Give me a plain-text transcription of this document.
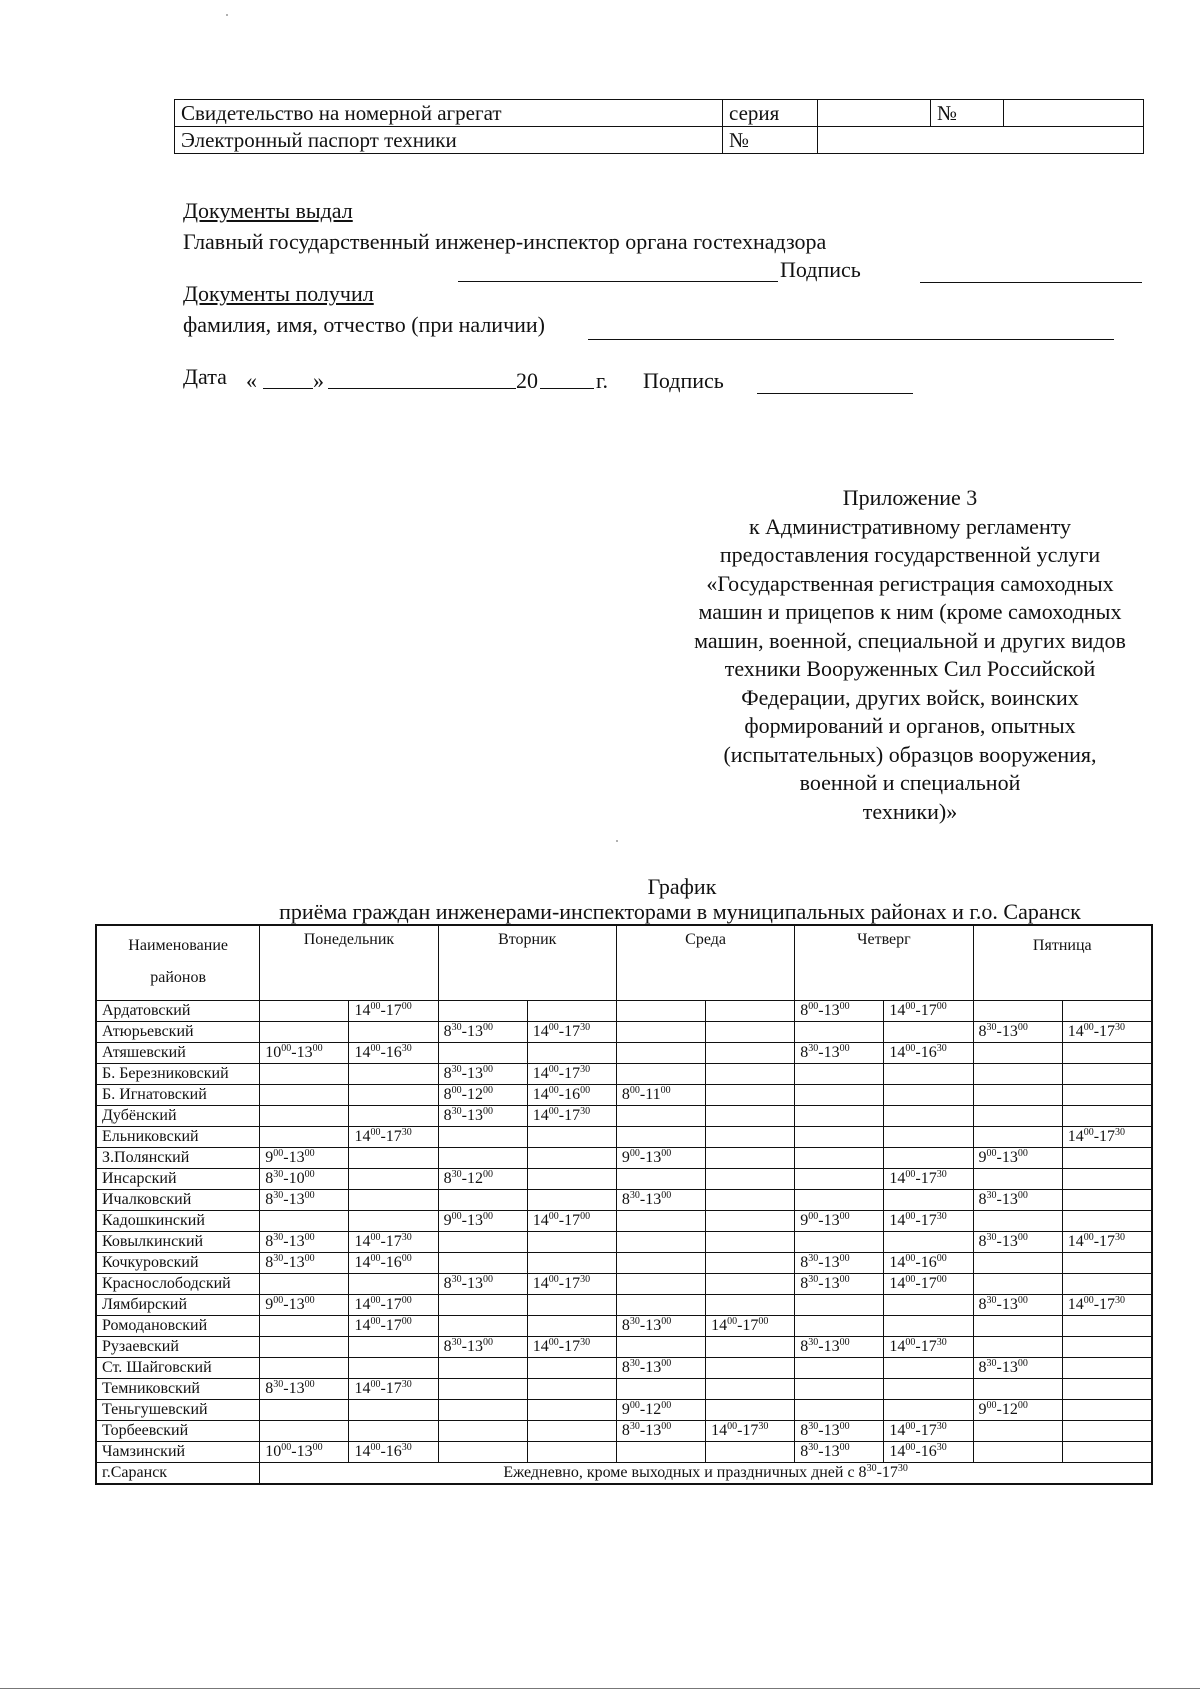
Свидетельство на номерной агрегат	серия		№	
Электронный паспорт техники	№			
Документы выдал
Главный государственный инженер-инспектор органа гостехнадзора
Подпись
Документы получил
фамилия, имя, отчество (при наличии)
Дата «	»	20	г. Подпись
Приложение 3
к Административному регламенту
предоставления государственной услуги
«Государственная регистрация самоходных
машин и прицепов к ним (кроме самоходных
машин, военной, специальной и других видов
техники Вооруженных Сил Российской
Федерации, других войск, воинских
формирований и органов, опытных
(испытательных) образцов вооружения,
военной и специальной
техники)»
График
приёма граждан инженерами-инспекторами в муниципальных районах и г.о. Саранск
Наименование
районов	Понедельник		Вторник		Среда		Четверг		Пятница	
Ардатовский		$14^{00}-17^{00}$					$8^{00}-13^{00}$	$14^{00}-17^{00}$		
Атюрьевский			$8^{30}-13^{00}$	$14^{00}-17^{30}$					$8^{30}-13^{00}$	$14^{00}-17^{30}$
Атяшевский	$10^{00}-13^{00}$	$14^{00}-16^{30}$					$8^{30}-13^{00}$	$14^{00}-16^{30}$		
Б. Березниковский			$8^{30}-13^{00}$	$14^{00}-17^{30}$						
Б. Игнатовский			$8^{00}-12^{00}$	$14^{00}-16^{00}$	$8^{00}-11^{00}$					
Дубёнский			$8^{30}-13^{00}$	$14^{00}-17^{30}$						
Ельниковский		$14^{00}-17^{30}$								$14^{00}-17^{30}$
З.Полянский	$9^{00}-13^{00}$				$9^{00}-13^{00}$				$9^{00}-13^{00}$	
Инсарский	$8^{30}-10^{00}$		$8^{30}-12^{00}$					$14^{00}-17^{30}$		
Ичалковский	$8^{30}-13^{00}$				$8^{30}-13^{00}$				$8^{30}-13^{00}$	
Кадошкинский			$9^{00}-13^{00}$	$14^{00}-17^{00}$			$9^{00}-13^{00}$	$14^{00}-17^{30}$		
Ковылкинский	$8^{30}-13^{00}$	$14^{00}-17^{30}$							$8^{30}-13^{00}$	$14^{00}-17^{30}$
Кочкуровский	$8^{30}-13^{00}$	$14^{00}-16^{00}$					$8^{30}-13^{00}$	$14^{00}-16^{00}$		
Краснослободский			$8^{30}-13^{00}$	$14^{00}-17^{30}$			$8^{30}-13^{00}$	$14^{00}-17^{00}$		
Лямбирский	$9^{00}-13^{00}$	$14^{00}-17^{00}$							$8^{30}-13^{00}$	$14^{00}-17^{30}$
Ромодановский		$14^{00}-17^{00}$			$8^{30}-13^{00}$	$14^{00}-17^{00}$				
Рузаевский			$8^{30}-13^{00}$	$14^{00}-17^{30}$			$8^{30}-13^{00}$	$14^{00}-17^{30}$		
Ст. Шайговский					$8^{30}-13^{00}$				$8^{30}-13^{00}$	
Темниковский	$8^{30}-13^{00}$	$14^{00}-17^{30}$								
Теньгушевский					$9^{00}-12^{00}$				$9^{00}-12^{00}$	
Торбеевский					$8^{30}-13^{00}$	$14^{00}-17^{30}$	$8^{30}-13^{00}$	$14^{00}-17^{30}$		
Чамзинский	$10^{00}-13^{00}$	$14^{00}-16^{30}$					$8^{30}-13^{00}$	$14^{00}-16^{30}$		
г.Саранск	Ежедневно, кроме выходных и праздничных дней с $8^{30}-17^{30}$
